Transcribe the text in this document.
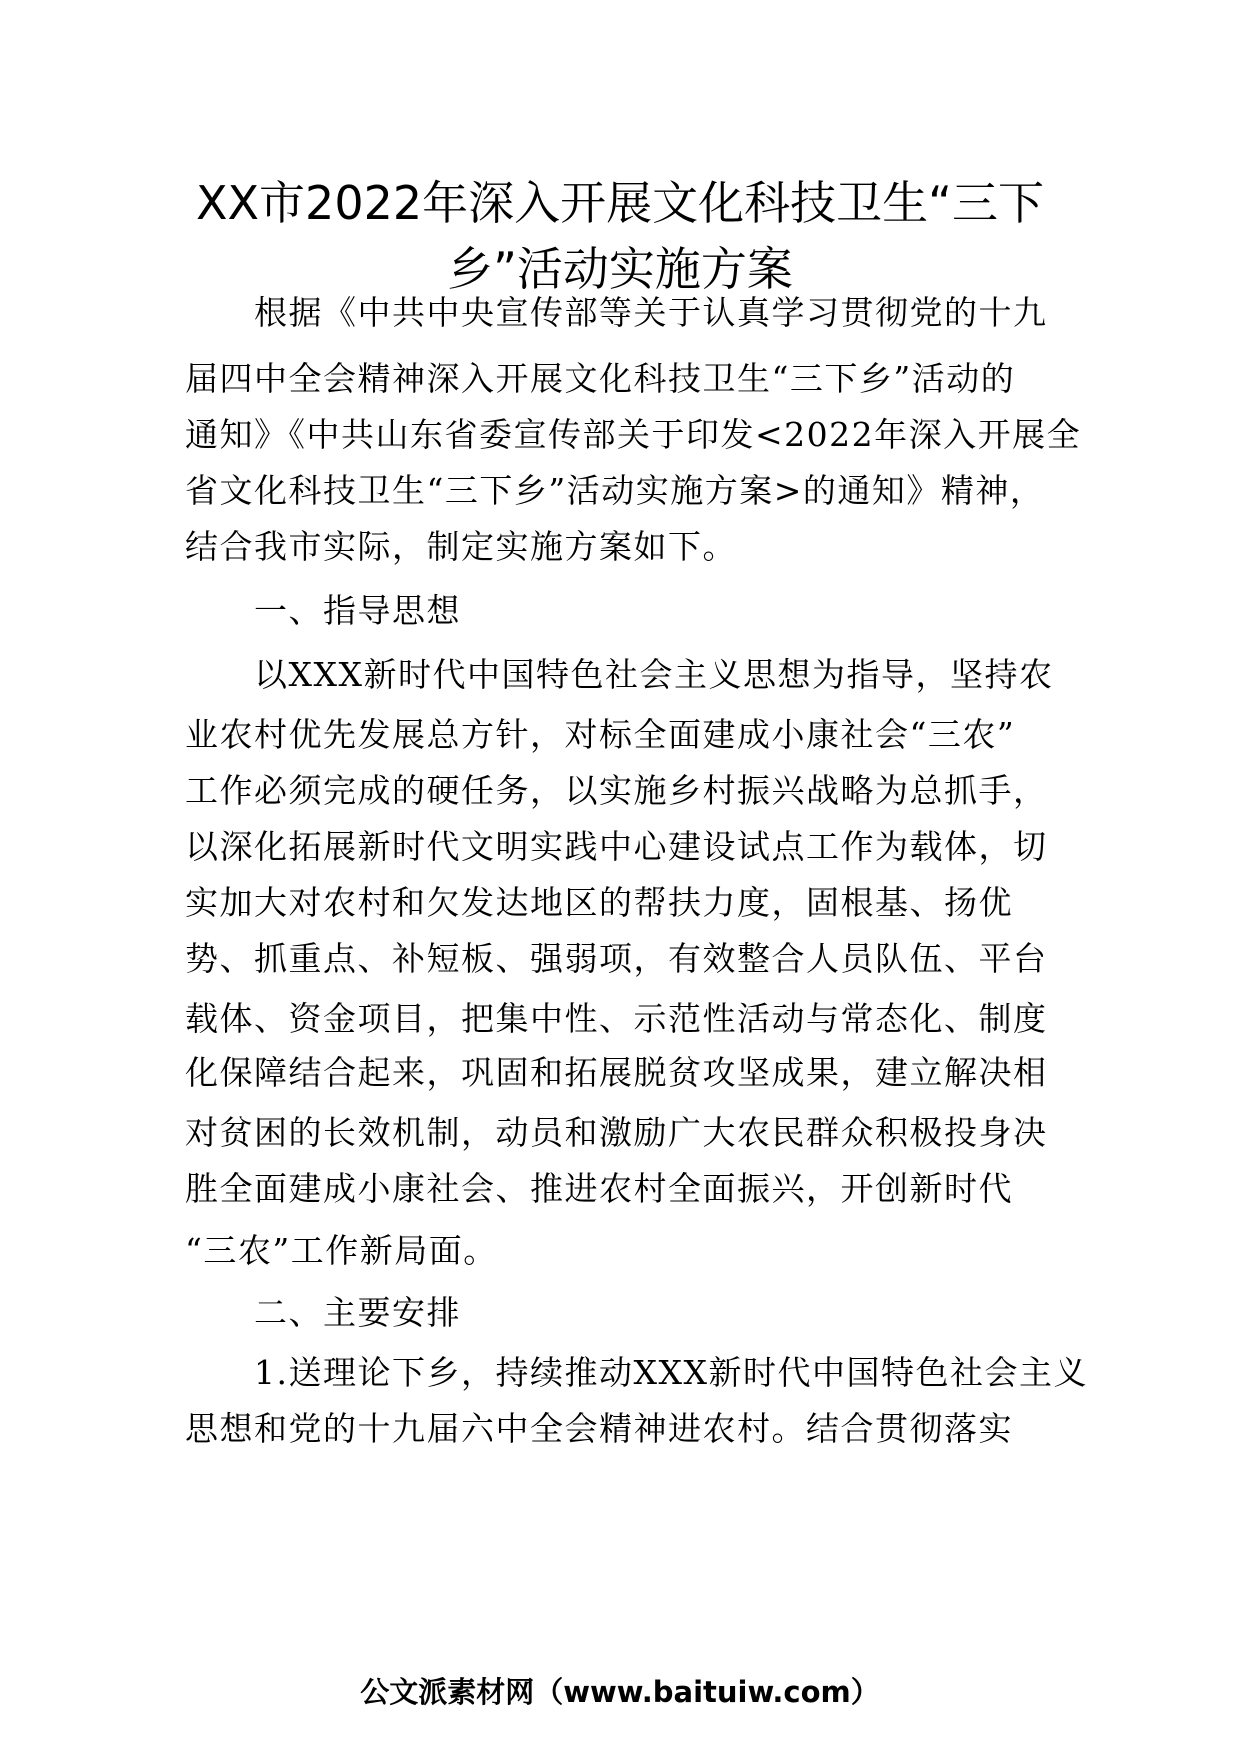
XX市2022年深入开展文化科技卫生“三下
乡”活动实施方案
　　根据《中共中央宣传部等关于认真学习贯彻党的十九
届四中全会精神深入开展文化科技卫生“三下乡”活动的
通知》《中共山东省委宣传部关于印发<2022年深入开展全
省文化科技卫生“三下乡”活动实施方案>的通知》精神，
结合我市实际，制定实施方案如下。
　　一、指导思想
　　以XXX新时代中国特色社会主义思想为指导，坚持农
业农村优先发展总方针，对标全面建成小康社会“三农”
工作必须完成的硬任务，以实施乡村振兴战略为总抓手，
以深化拓展新时代文明实践中心建设试点工作为载体，切
实加大对农村和欠发达地区的帮扶力度，固根基、扬优
势、抓重点、补短板、强弱项，有效整合人员队伍、平台
载体、资金项目，把集中性、示范性活动与常态化、制度
化保障结合起来，巩固和拓展脱贫攻坚成果，建立解决相
对贫困的长效机制，动员和激励广大农民群众积极投身决
胜全面建成小康社会、推进农村全面振兴，开创新时代
“三农”工作新局面。
　　二、主要安排
　　1.送理论下乡，持续推动XXX新时代中国特色社会主义
思想和党的十九届六中全会精神进农村。结合贯彻落实
公文派素材网（www.baituiw.com）
